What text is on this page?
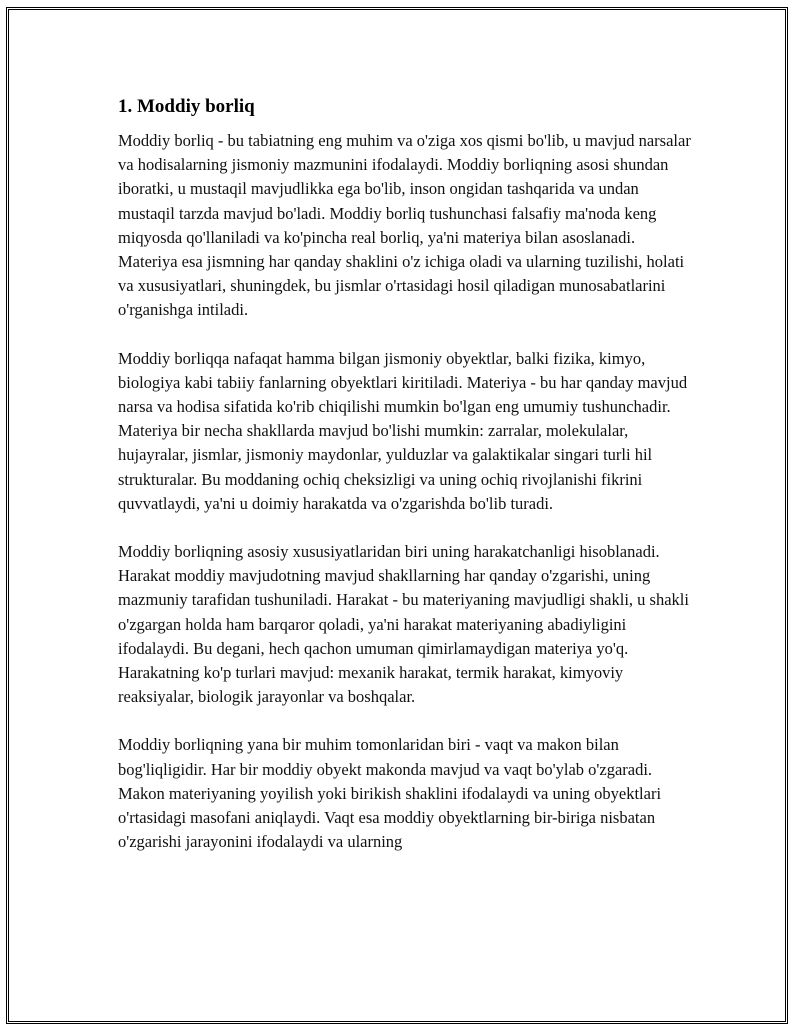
1. Moddiy borliq

Moddiy borliq - bu tabiatning eng muhim va o'ziga xos qismi bo'lib, u mavjud narsalar va hodisalarning jismoniy mazmunini ifodalaydi. Moddiy borliqning asosi shundan iboratki, u mustaqil mavjudlikka ega bo'lib, inson ongidan tashqarida va undan mustaqil tarzda mavjud bo'ladi. Moddiy borliq tushunchasi falsafiy ma'noda keng miqyosda qo'llaniladi va ko'pincha real borliq, ya'ni materiya bilan asoslanadi. Materiya esa jismning har qanday shaklini o'z ichiga oladi va ularning tuzilishi, holati va xususiyatlari, shuningdek, bu jismlar o'rtasidagi hosil qiladigan munosabatlarini o'rganishga intiladi.

Moddiy borliqqa nafaqat hamma bilgan jismoniy obyektlar, balki fizika, kimyo, biologiya kabi tabiiy fanlarning obyektlari kiritiladi. Materiya - bu har qanday mavjud narsa va hodisa sifatida ko'rib chiqilishi mumkin bo'lgan eng umumiy tushunchadir. Materiya bir necha shakllarda mavjud bo'lishi mumkin: zarralar, molekulalar, hujayralar, jismlar, jismoniy maydonlar, yulduzlar va galaktikalar singari turli hil strukturalar. Bu moddaning ochiq cheksizligi va uning ochiq rivojlanishi fikrini quvvatlaydi, ya'ni u doimiy harakatda va o'zgarishda bo'lib turadi.

Moddiy borliqning asosiy xususiyatlaridan biri uning harakatchanligi hisoblanadi. Harakat moddiy mavjudotning mavjud shakllarning har qanday o'zgarishi, uning mazmuniy tarafidan tushuniladi. Harakat - bu materiyaning mavjudligi shakli, u shakli o'zgargan holda ham barqaror qoladi, ya'ni harakat materiyaning abadiyligini ifodalaydi. Bu degani, hech qachon umuman qimirlamaydigan materiya yo'q. Harakatning ko'p turlari mavjud: mexanik harakat, termik harakat, kimyoviy reaksiyalar, biologik jarayonlar va boshqalar.

Moddiy borliqning yana bir muhim tomonlaridan biri - vaqt va makon bilan bog'liqligidir. Har bir moddiy obyekt makonda mavjud va vaqt bo'ylab o'zgaradi. Makon materiyaning yoyilish yoki birikish shaklini ifodalaydi va uning obyektlari o'rtasidagi masofani aniqlaydi. Vaqt esa moddiy obyektlarning bir-biriga nisbatan o'zgarishi jarayonini ifodalaydi va ularning
